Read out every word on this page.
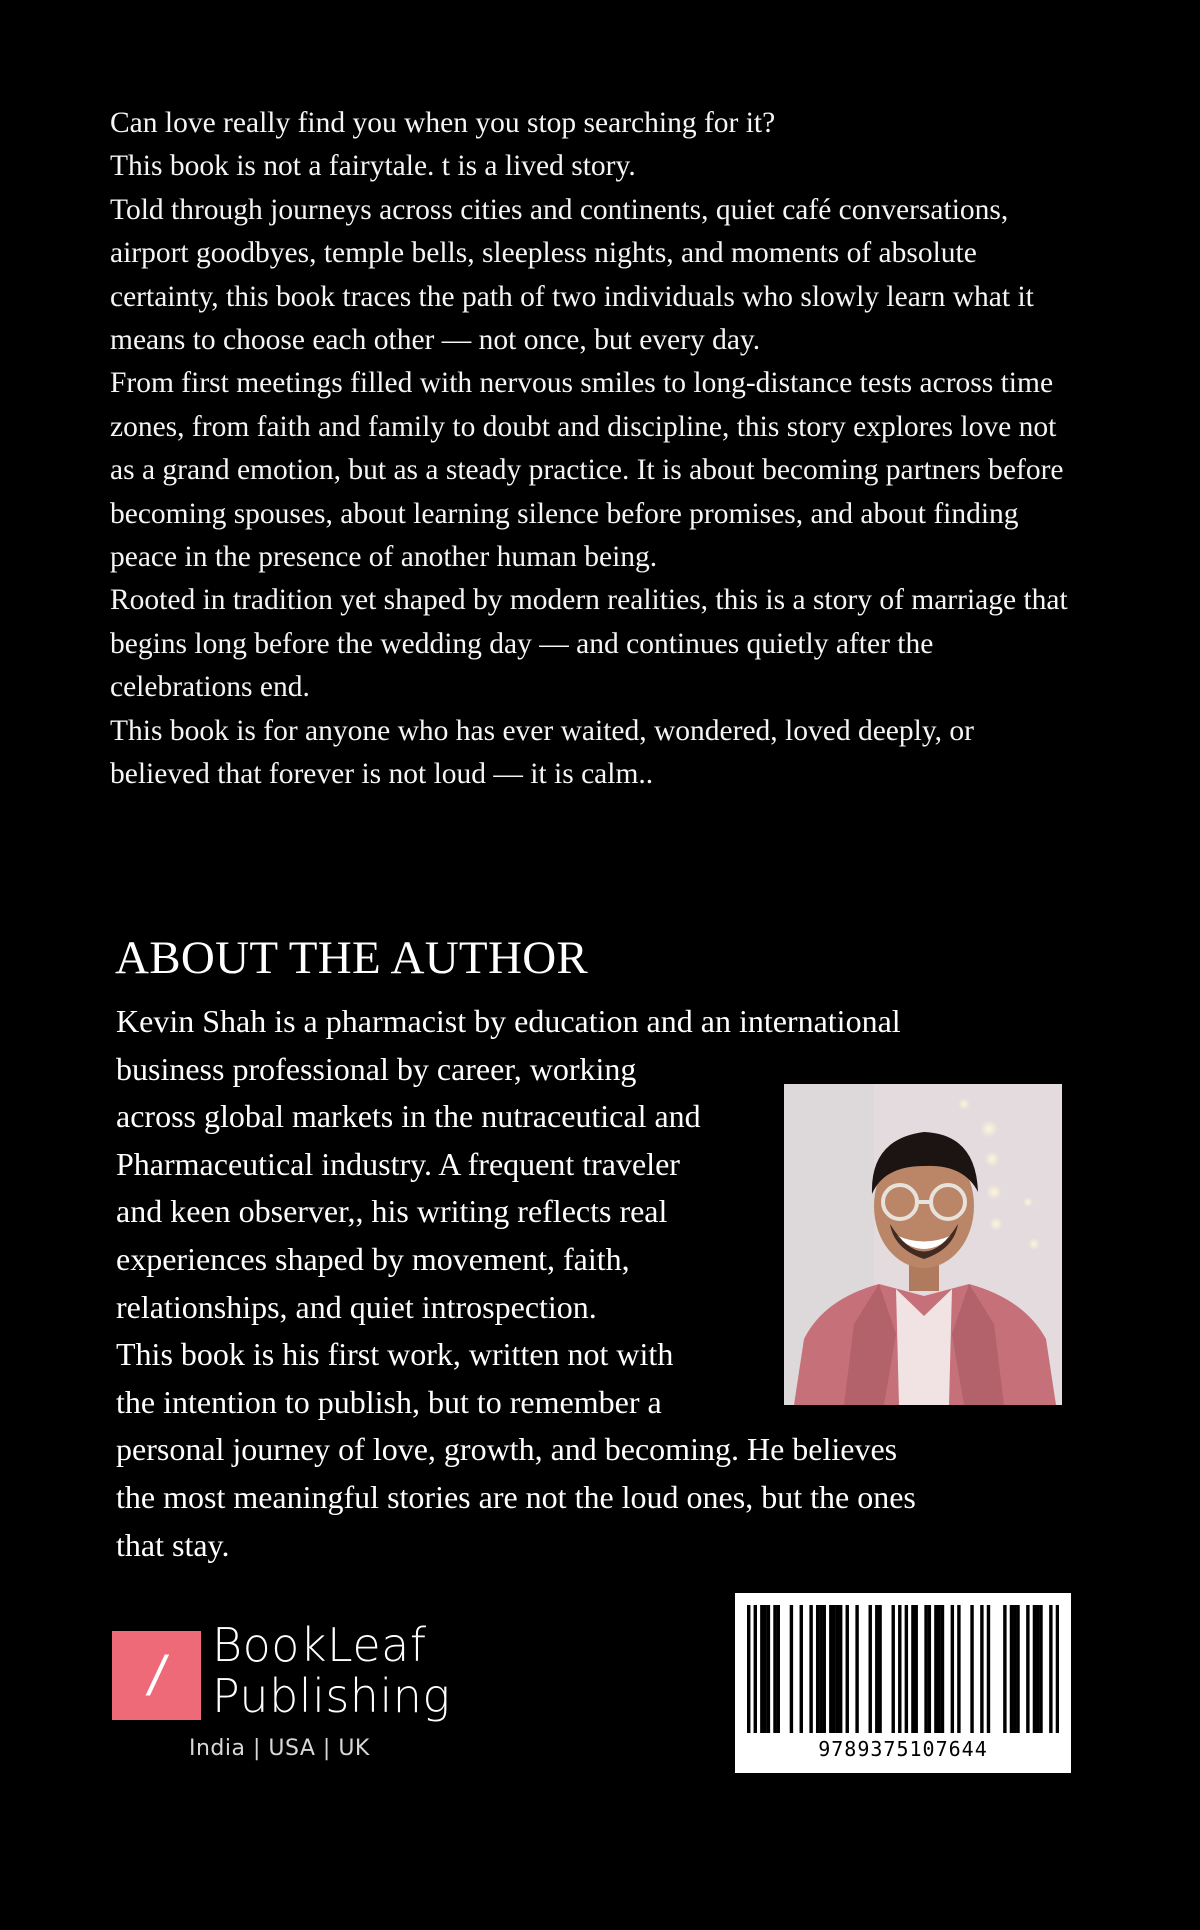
Can love really find you when you stop searching for it?

This book is not a fairytale. t is a lived story.

Told through journeys across cities and continents, quiet café conversations, airport goodbyes, temple bells, sleepless nights, and moments of absolute certainty, this book traces the path of two individuals who slowly learn what it means to choose each other — not once, but every day.

From first meetings filled with nervous smiles to long-distance tests across time zones, from faith and family to doubt and discipline, this story explores love not as a grand emotion, but as a steady practice. It is about becoming partners before becoming spouses, about learning silence before promises, and about finding peace in the presence of another human being.

Rooted in tradition yet shaped by modern realities, this is a story of marriage that begins long before the wedding day — and continues quietly after the celebrations end.

This book is for anyone who has ever waited, wondered, loved deeply, or believed that forever is not loud — it is calm..

ABOUT THE AUTHOR
Kevin Shah is a pharmacist by education and an international
business professional by career, working
across global markets in the nutraceutical and
Pharmaceutical industry. A frequent traveler
and keen observer,, his writing reflects real
experiences shaped by movement, faith,
relationships, and quiet introspection.
This book is his first work, written not with
the intention to publish, but to remember a
personal journey of love, growth, and becoming. He believes
the most meaningful stories are not the loud ones, but the ones
that stay.
/	BookLeaf
Publishing
India | USA | UK	9789375107644
